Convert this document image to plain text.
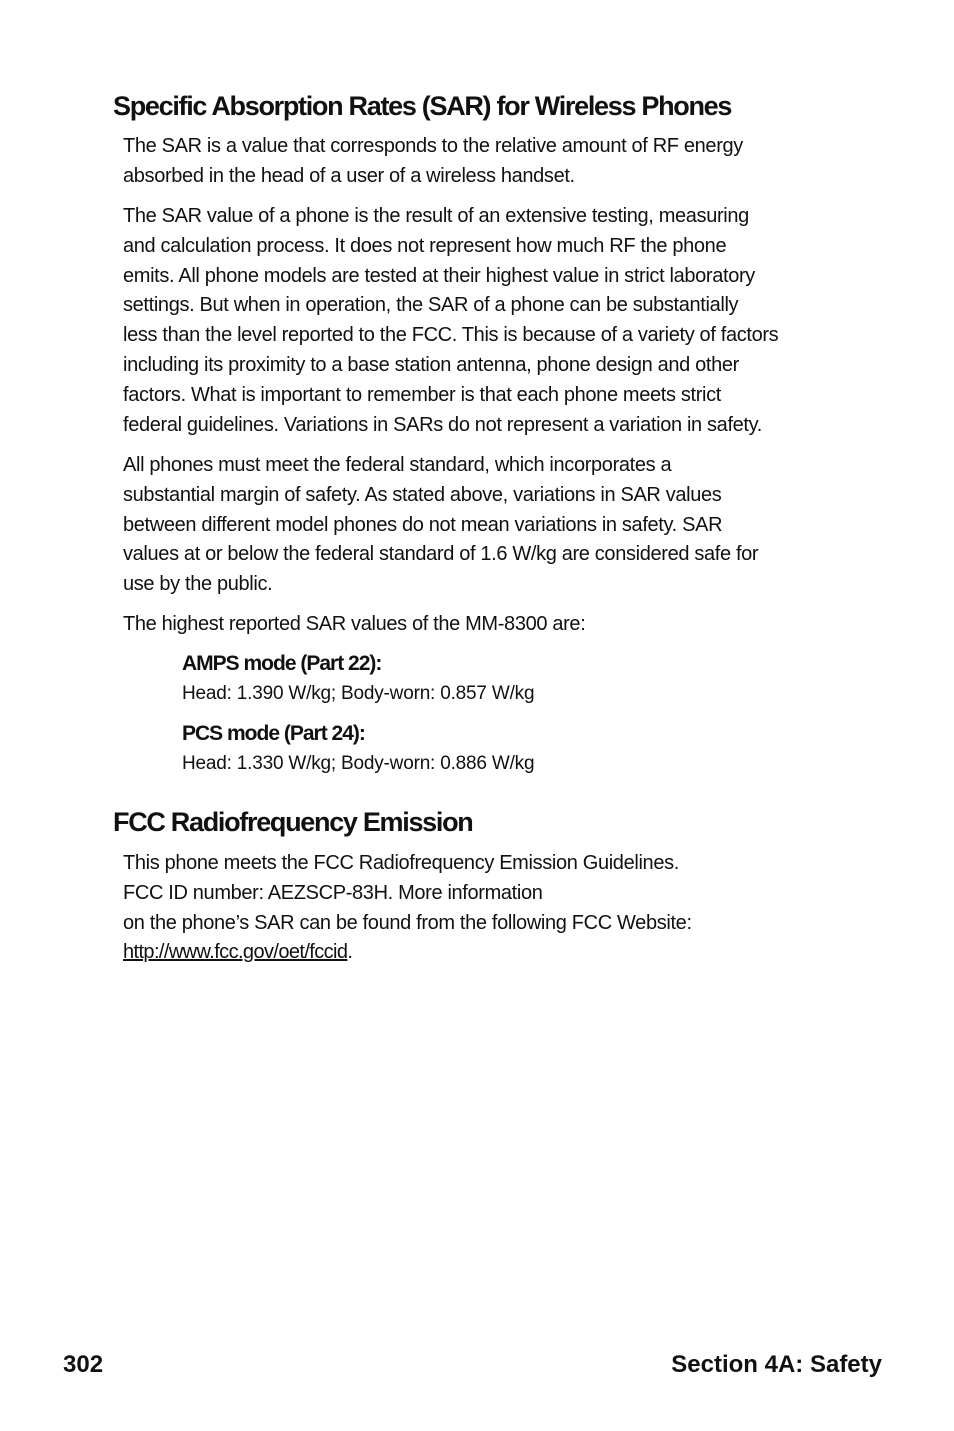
Specific Absorption Rates (SAR) for Wireless Phones
The SAR is a value that corresponds to the relative amount of RF energy
absorbed in the head of a user of a wireless handset.
The SAR value of a phone is the result of an extensive testing, measuring
and calculation process. It does not represent how much RF the phone
emits. All phone models are tested at their highest value in strict laboratory
settings. But when in operation, the SAR of a phone can be substantially
less than the level reported to the FCC. This is because of a variety of factors
including its proximity to a base station antenna, phone design and other
factors. What is important to remember is that each phone meets strict
federal guidelines. Variations in SARs do not represent a variation in safety.
All phones must meet the federal standard, which incorporates a
substantial margin of safety. As stated above, variations in SAR values
between different model phones do not mean variations in safety. SAR
values at or below the federal standard of 1.6 W/kg are considered safe for
use by the public.
The highest reported SAR values of the MM-8300 are:

AMPS mode (Part 22):

Head: 1.390 W/kg; Body-worn: 0.857 W/kg

PCS mode (Part 24):

Head: 1.330 W/kg; Body-worn: 0.886 W/kg

FCC Radiofrequency Emission
This phone meets the FCC Radiofrequency Emission Guidelines.
FCC ID number: AEZSCP-83H. More information
on the phone’s SAR can be found from the following FCC Website:
http://www.fcc.gov/oet/fccid.
302	Section 4A: Safety
